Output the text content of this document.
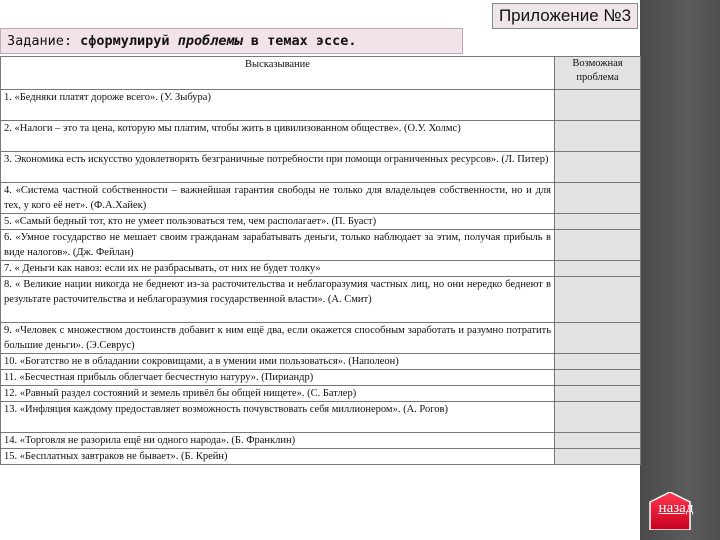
Приложение №3
Задание: сформулируй проблемы в темах эссе.
Высказывание	Возможная проблема
1. «Бедняки платят дороже всего». (У. Зыбура)	
2. «Налоги – это та цена, которую мы платим, чтобы жить в цивилизованном обществе». (О.У. Холмс)	
3. Экономика есть искусство удовлетворять безграничные потребности при помощи ограниченных ресурсов». (Л. Питер)	
4. «Система частной собственности – важнейшая гарантия свободы не только для владельцев собственности, но и для тех, у кого её нет». (Ф.А.Хайек)	
5. «Самый бедный тот, кто не умеет пользоваться тем, чем располагает». (П. Буаст)	
6. «Умное государство не мешает своим гражданам зарабатывать деньги, только наблюдает за этим, получая прибыль в виде налогов». (Дж. Фейлан)	
7. « Деньги как навоз: если их не разбрасывать, от них не будет толку»	
8. « Великие нации никогда не беднеют из-за расточительства и неблагоразумия частных лиц, но они нередко беднеют в результате расточительства и неблагоразумия государственной власти». (А. Смит)	
9. «Человек с множеством достоинств добавит к ним ещё два, если окажется способным заработать и разумно потратить большие деньги». (Э.Севрус)	
10. «Богатство не в обладании сокровищами, а в умении ими пользоваться». (Наполеон)	
11. «Бесчестная прибыль облегчает бесчестную натуру». (Пириандр)	
12. «Равный раздел состояний и земель привёл бы общей нищете». (С. Батлер)	
13. «Инфляция каждому предоставляет возможность почувствовать себя миллионером». (А. Рогов)	
14. «Торговля не разорила ещё ни одного народа». (Б. Франклин)	
15. «Бесплатных завтраков не бывает». (Б. Крейн)	
назад
